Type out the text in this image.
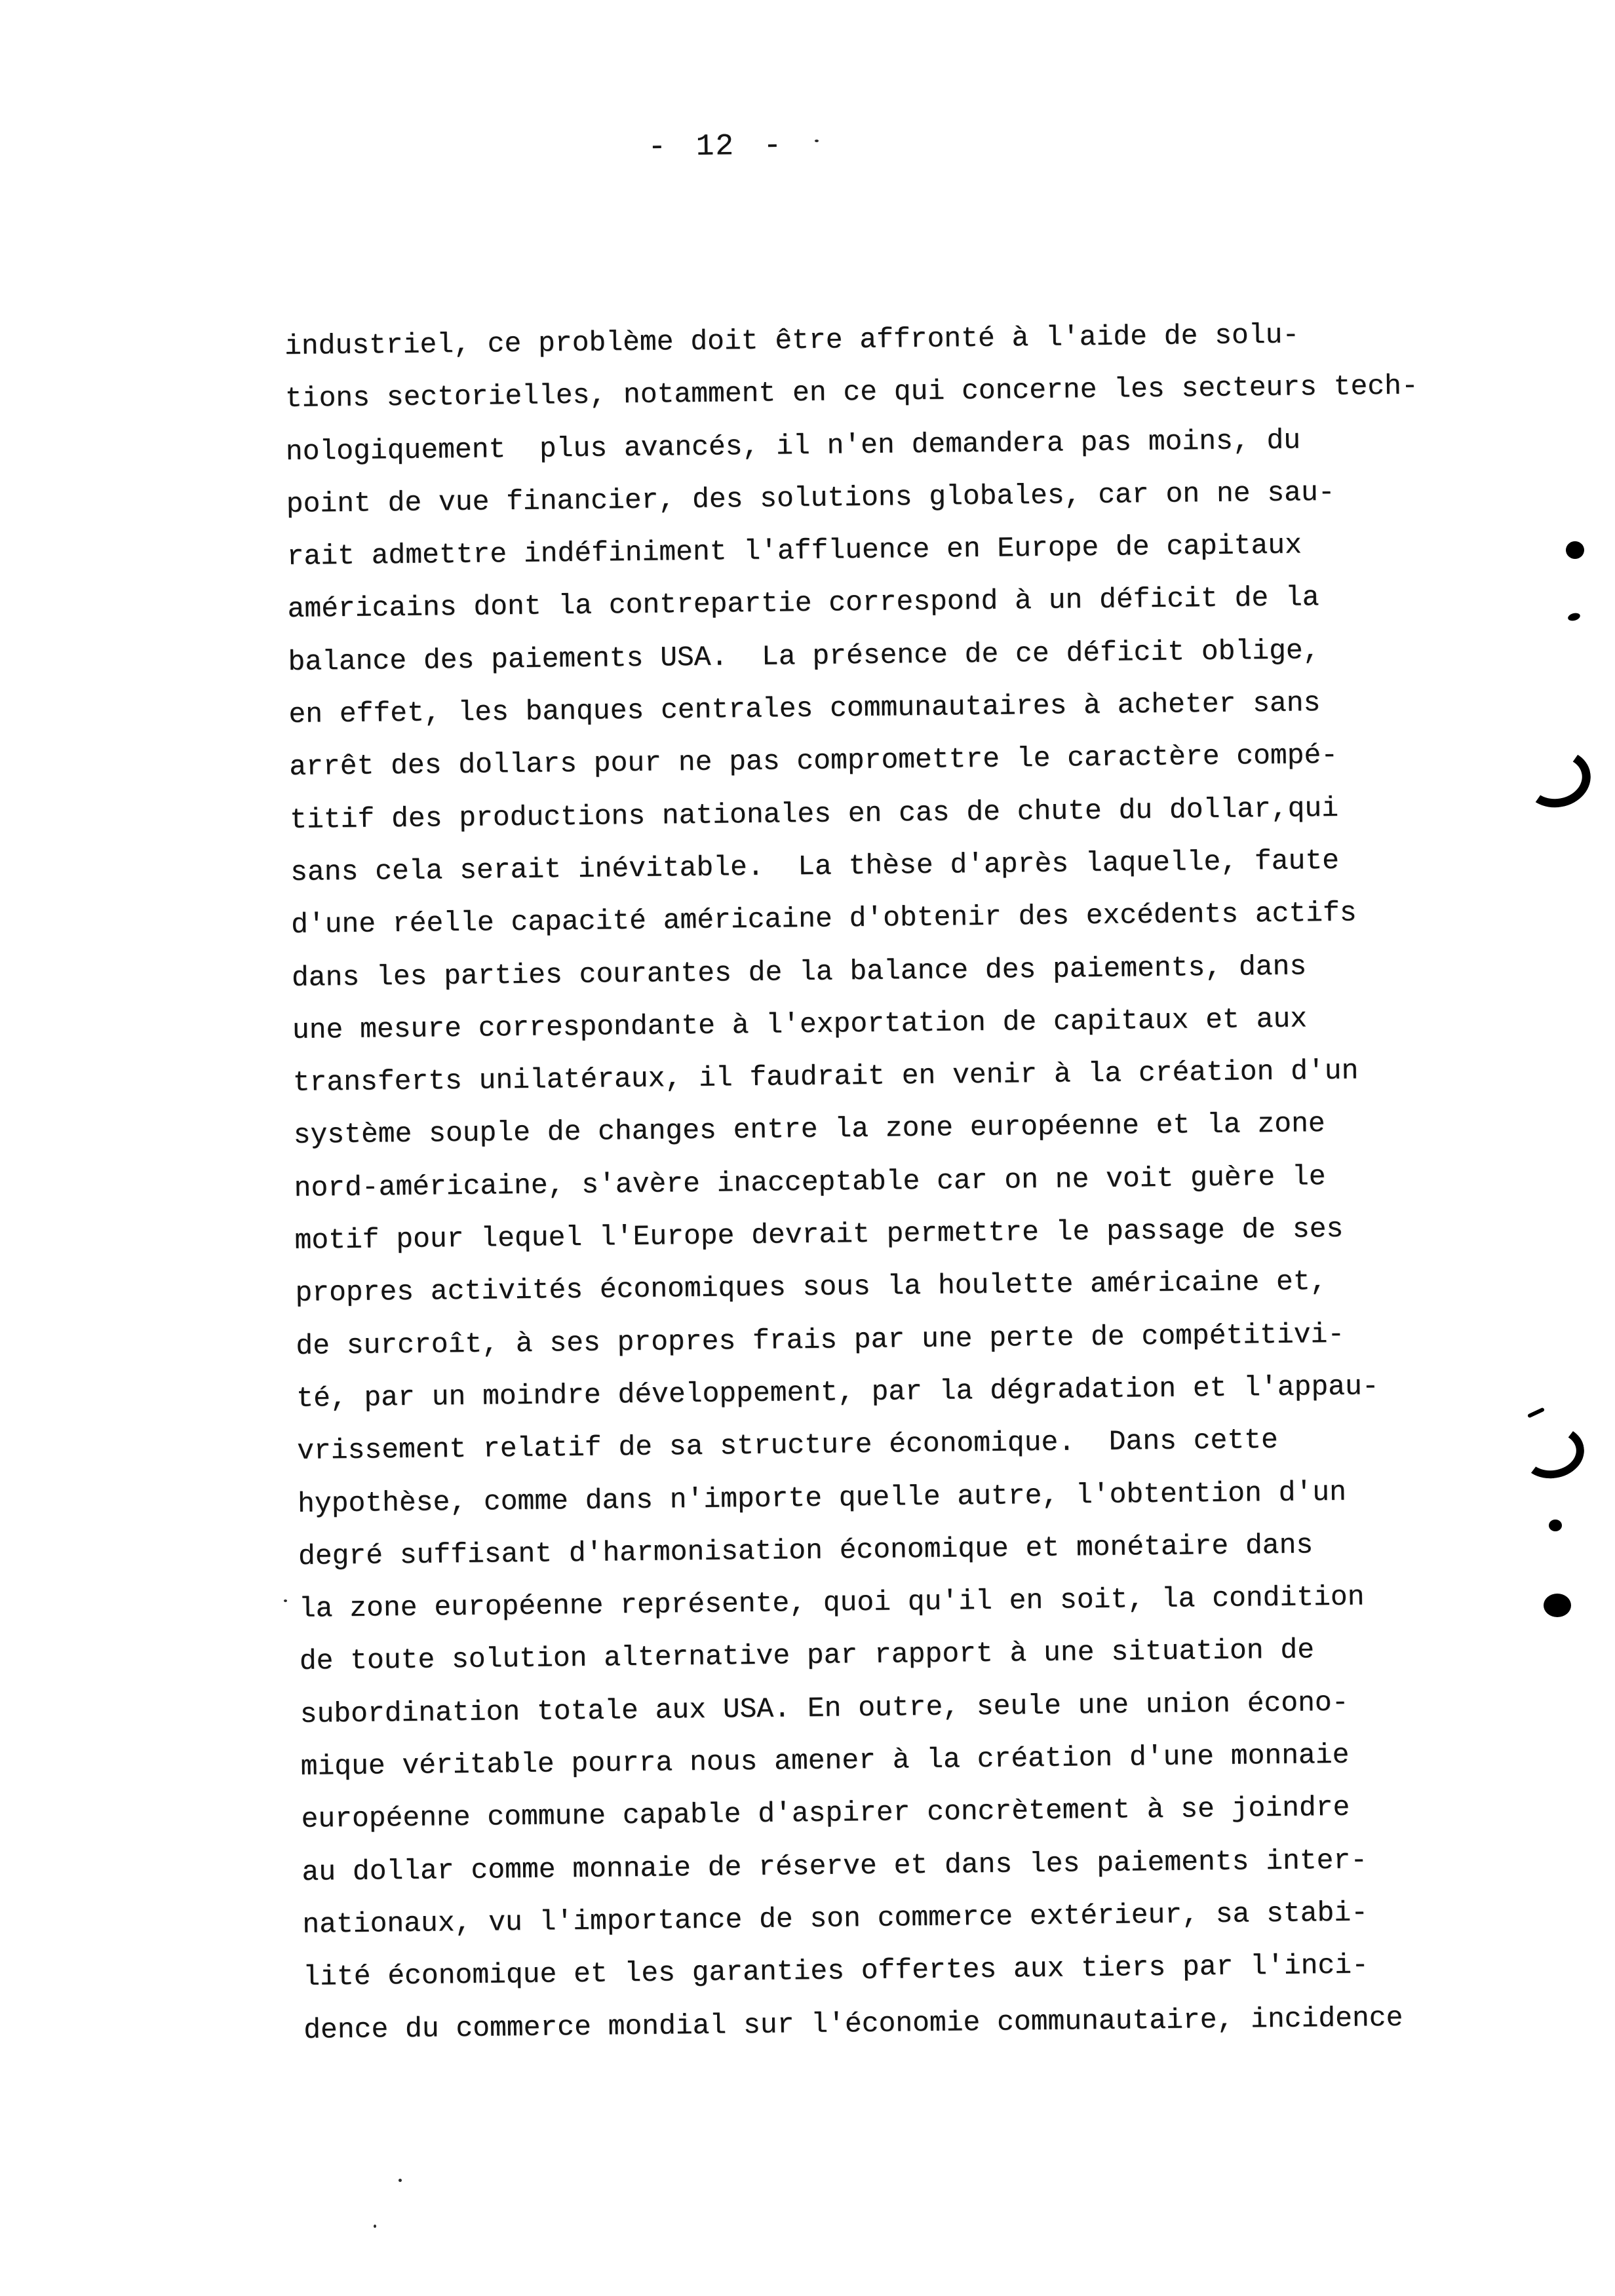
- 12 -
industriel, ce problème doit être affronté à l'aide de solu-
tions sectorielles, notamment en ce qui concerne les secteurs tech-
nologiquement  plus avancés, il n'en demandera pas moins, du
point de vue financier, des solutions globales, car on ne sau-
rait admettre indéfiniment l'affluence en Europe de capitaux
américains dont la contrepartie correspond à un déficit de la
balance des paiements USA.  La présence de ce déficit oblige,
en effet, les banques centrales communautaires à acheter sans
arrêt des dollars pour ne pas compromettre le caractère compé-
titif des productions nationales en cas de chute du dollar,qui
sans cela serait inévitable.  La thèse d'après laquelle, faute
d'une réelle capacité américaine d'obtenir des excédents actifs
dans les parties courantes de la balance des paiements, dans
une mesure correspondante à l'exportation de capitaux et aux
transferts unilatéraux, il faudrait en venir à la création d'un
système souple de changes entre la zone européenne et la zone
nord-américaine, s'avère inacceptable car on ne voit guère le
motif pour lequel l'Europe devrait permettre le passage de ses
propres activités économiques sous la houlette américaine et,
de surcroît, à ses propres frais par une perte de compétitivi-
té, par un moindre développement, par la dégradation et l'appau-
vrissement relatif de sa structure économique.  Dans cette
hypothèse, comme dans n'importe quelle autre, l'obtention d'un
degré suffisant d'harmonisation économique et monétaire dans
la zone européenne représente, quoi qu'il en soit, la condition
de toute solution alternative par rapport à une situation de
subordination totale aux USA. En outre, seule une union écono-
mique véritable pourra nous amener à la création d'une monnaie
européenne commune capable d'aspirer concrètement à se joindre
au dollar comme monnaie de réserve et dans les paiements inter-
nationaux, vu l'importance de son commerce extérieur, sa stabi-
lité économique et les garanties offertes aux tiers par l'inci-
dence du commerce mondial sur l'économie communautaire, incidence
